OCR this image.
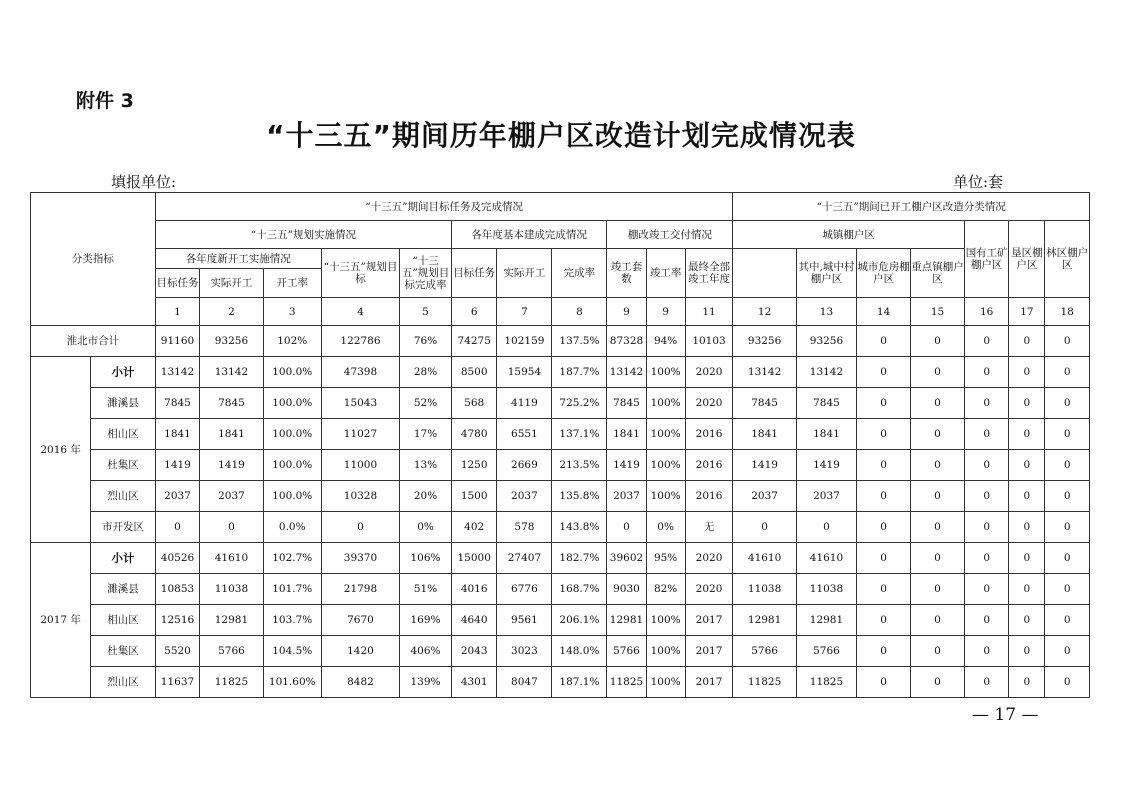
附件 3
“十三五”期间历年棚户区改造计划完成情况表
填报单位:	单位:套
分类指标		“十三五”期间目标任务及完成情况											“十三五”期间已开工棚户区改造分类情况						
		“十三五”规划实施情况					各年度基本建成完成情况			棚改竣工交付情况			城镇棚户区				国有工矿棚户区	垦区棚户区	林区棚户区
		各年度新开工实施情况			“十三五”规划目标	“十三五”规划目标完成率	目标任务	实际开工	完成率	竣工套数	竣工率	最终全部竣工年度		其中,城中村棚户区	城市危房棚户区	重点镇棚户区			
		目标任务	实际开工	开工率															
		1	2	3	4	5	6	7	8	9	9	11	12	13	14	15	16	17	18
淮北市合计		91160	93256	102%	122786	76%	74275	102159	137.5%	87328	94%	10103	93256	93256	0	0	0	0	0
2016 年	小计	13142	13142	100.0%	47398	28%	8500	15954	187.7%	13142	100%	2020	13142	13142	0	0	0	0	0
	濉溪县	7845	7845	100.0%	15043	52%	568	4119	725.2%	7845	100%	2020	7845	7845	0	0	0	0	0
	相山区	1841	1841	100.0%	11027	17%	4780	6551	137.1%	1841	100%	2016	1841	1841	0	0	0	0	0
	杜集区	1419	1419	100.0%	11000	13%	1250	2669	213.5%	1419	100%	2016	1419	1419	0	0	0	0	0
	烈山区	2037	2037	100.0%	10328	20%	1500	2037	135.8%	2037	100%	2016	2037	2037	0	0	0	0	0
	市开发区	0	0	0.0%	0	0%	402	578	143.8%	0	0%	无	0	0	0	0	0	0	0
2017 年	小计	40526	41610	102.7%	39370	106%	15000	27407	182.7%	39602	95%	2020	41610	41610	0	0	0	0	0
	濉溪县	10853	11038	101.7%	21798	51%	4016	6776	168.7%	9030	82%	2020	11038	11038	0	0	0	0	0
	相山区	12516	12981	103.7%	7670	169%	4640	9561	206.1%	12981	100%	2017	12981	12981	0	0	0	0	0
	杜集区	5520	5766	104.5%	1420	406%	2043	3023	148.0%	5766	100%	2017	5766	5766	0	0	0	0	0
	烈山区	11637	11825	101.60%	8482	139%	4301	8047	187.1%	11825	100%	2017	11825	11825	0	0	0	0	0
— 17 —
